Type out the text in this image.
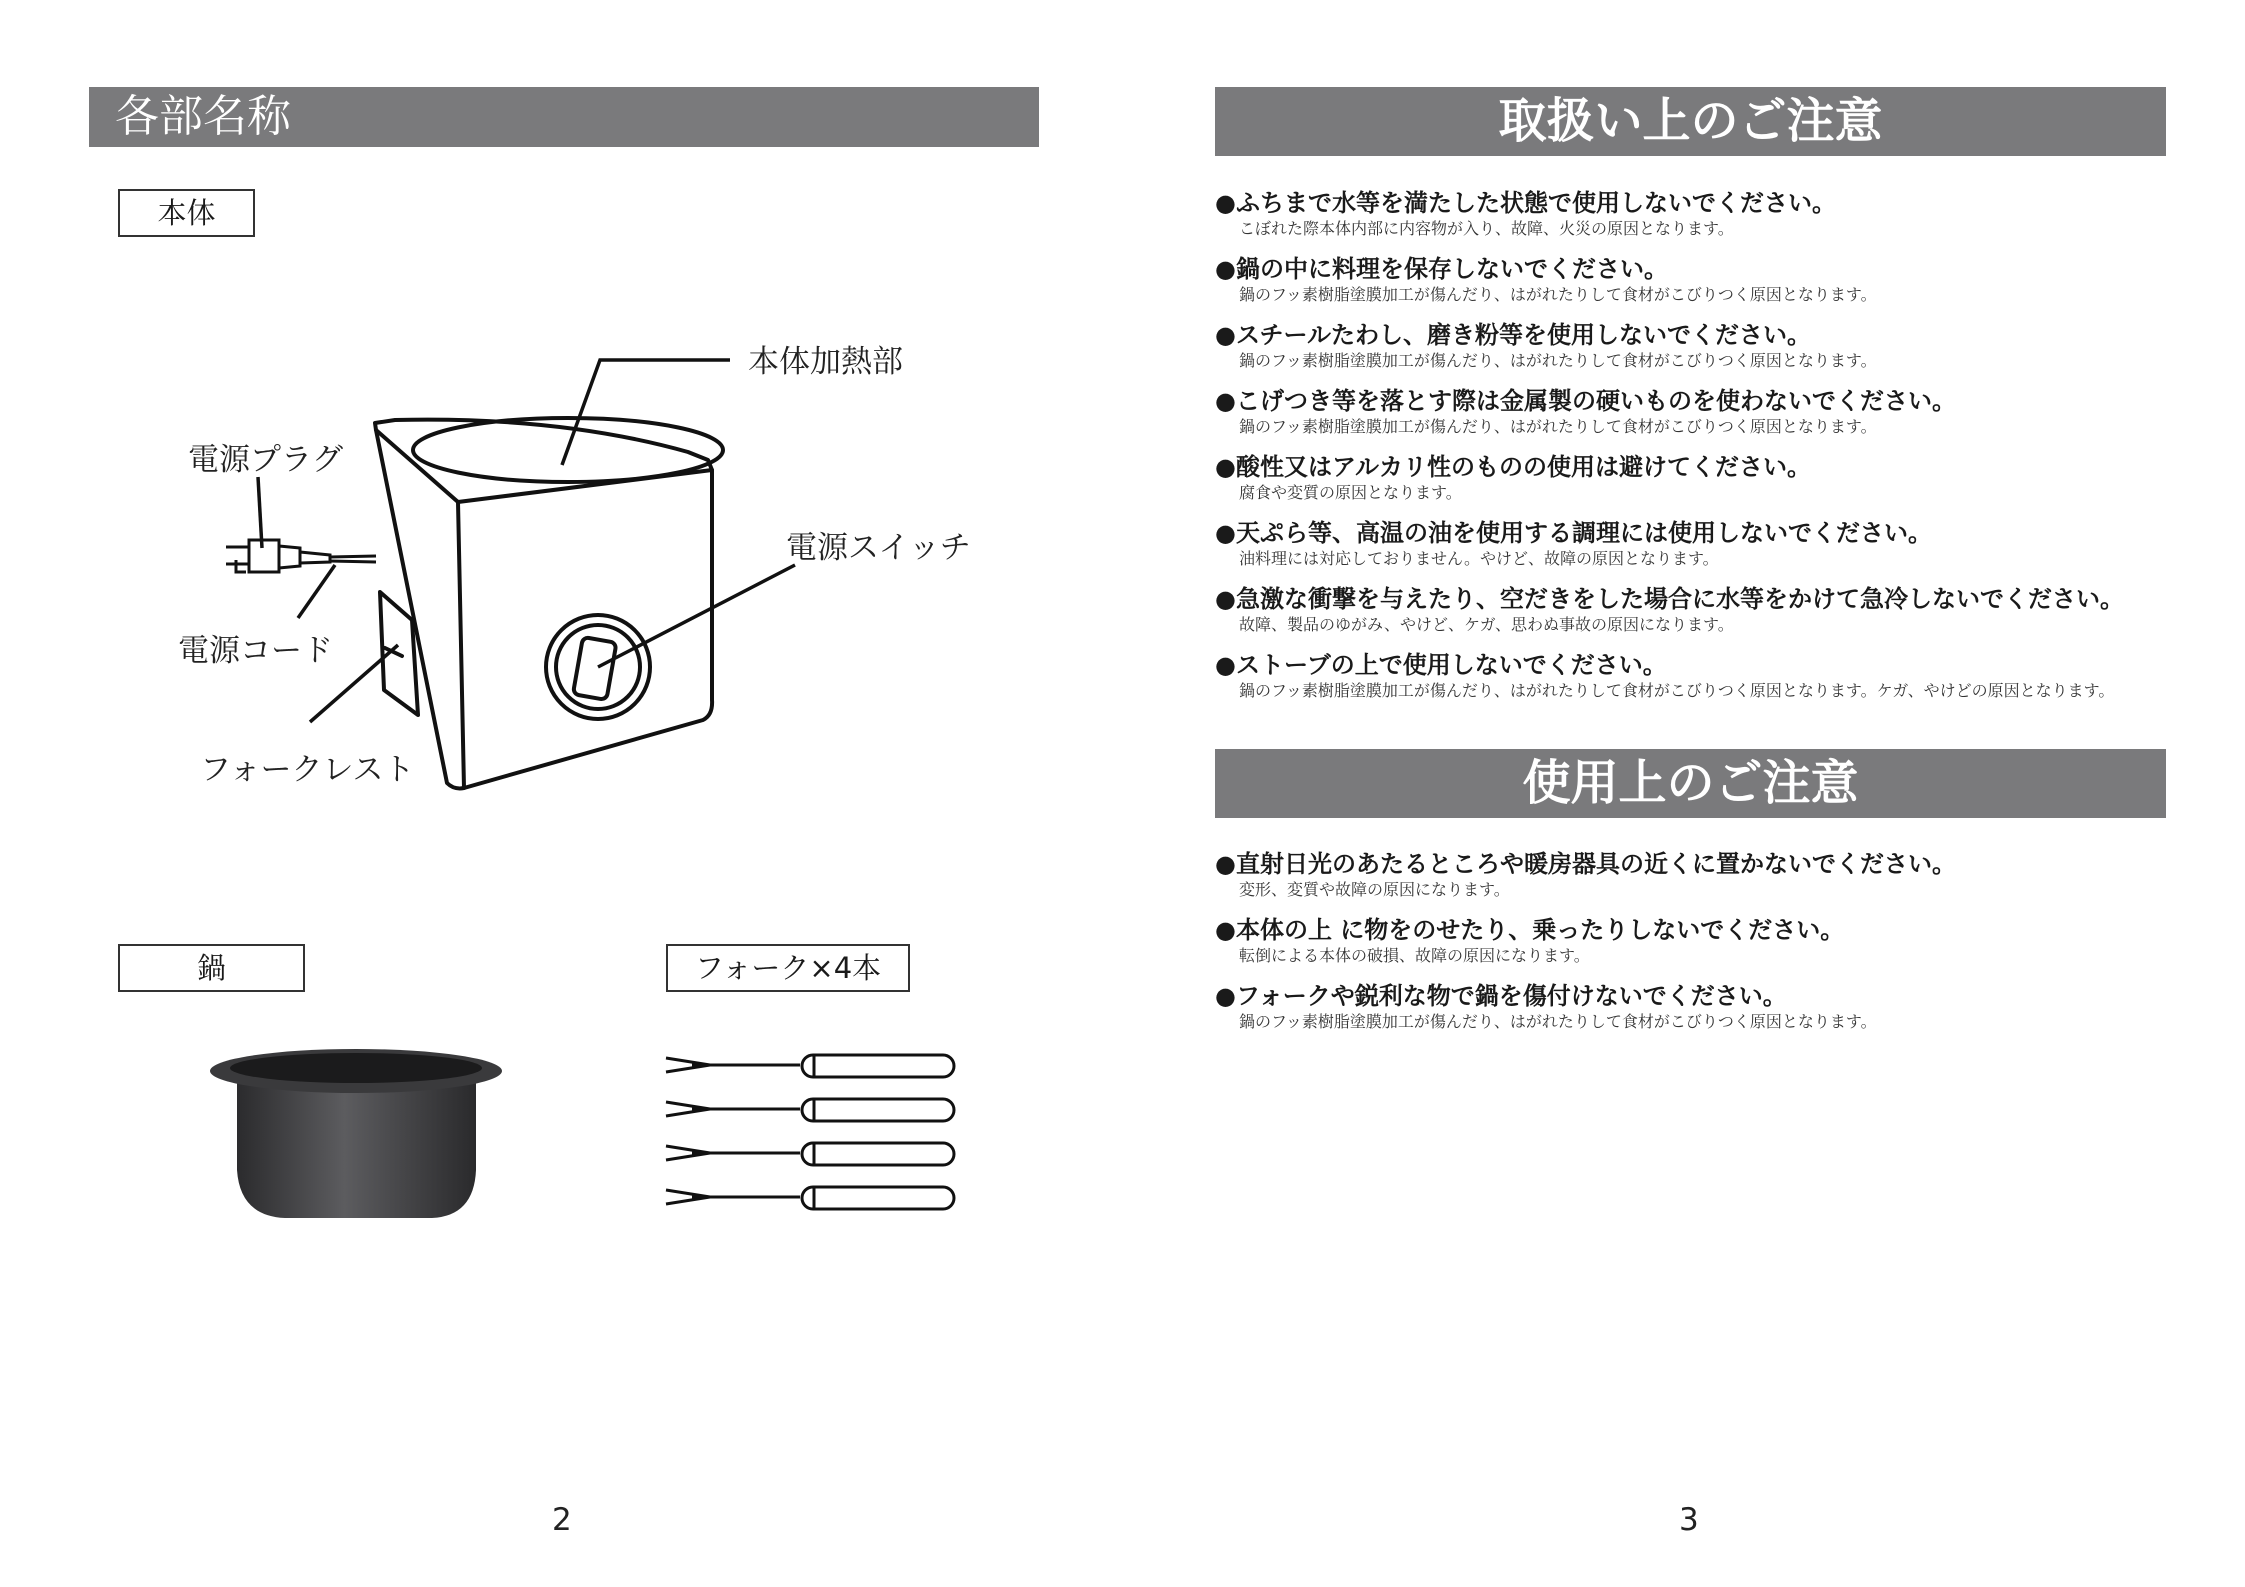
各部名称
本体
本体加熱部
電源プラグ
電源スイッチ
電源コード
フォークレスト
鍋	フォーク×4本
2
取扱い上のご注意
●ふちまで水等を満たした状態で使用しないでください。
こぼれた際本体内部に内容物が入り、故障、火災の原因となります。
●鍋の中に料理を保存しないでください。
鍋のフッ素樹脂塗膜加工が傷んだり、はがれたりして食材がこびりつく原因となります。
●スチールたわし、磨き粉等を使用しないでください。
鍋のフッ素樹脂塗膜加工が傷んだり、はがれたりして食材がこびりつく原因となります。
●こげつき等を落とす際は金属製の硬いものを使わないでください。
鍋のフッ素樹脂塗膜加工が傷んだり、はがれたりして食材がこびりつく原因となります。
●酸性又はアルカリ性のものの使用は避けてください。
腐食や変質の原因となります。
●天ぷら等、高温の油を使用する調理には使用しないでください。
油料理には対応しておりません。やけど、故障の原因となります。
●急激な衝撃を与えたり、空だきをした場合に水等をかけて急冷しないでください。
故障、製品のゆがみ、やけど、ケガ、思わぬ事故の原因になります。
●ストーブの上で使用しないでください。
鍋のフッ素樹脂塗膜加工が傷んだり、はがれたりして食材がこびりつく原因となります。ケガ、やけどの原因となります。
使用上のご注意
●直射日光のあたるところや暖房器具の近くに置かないでください。
変形、変質や故障の原因になります。
●本体の上 に物をのせたり、乗ったりしないでください。
転倒による本体の破損、故障の原因になります。
●フォークや鋭利な物で鍋を傷付けないでください。
鍋のフッ素樹脂塗膜加工が傷んだり、はがれたりして食材がこびりつく原因となります。
3
